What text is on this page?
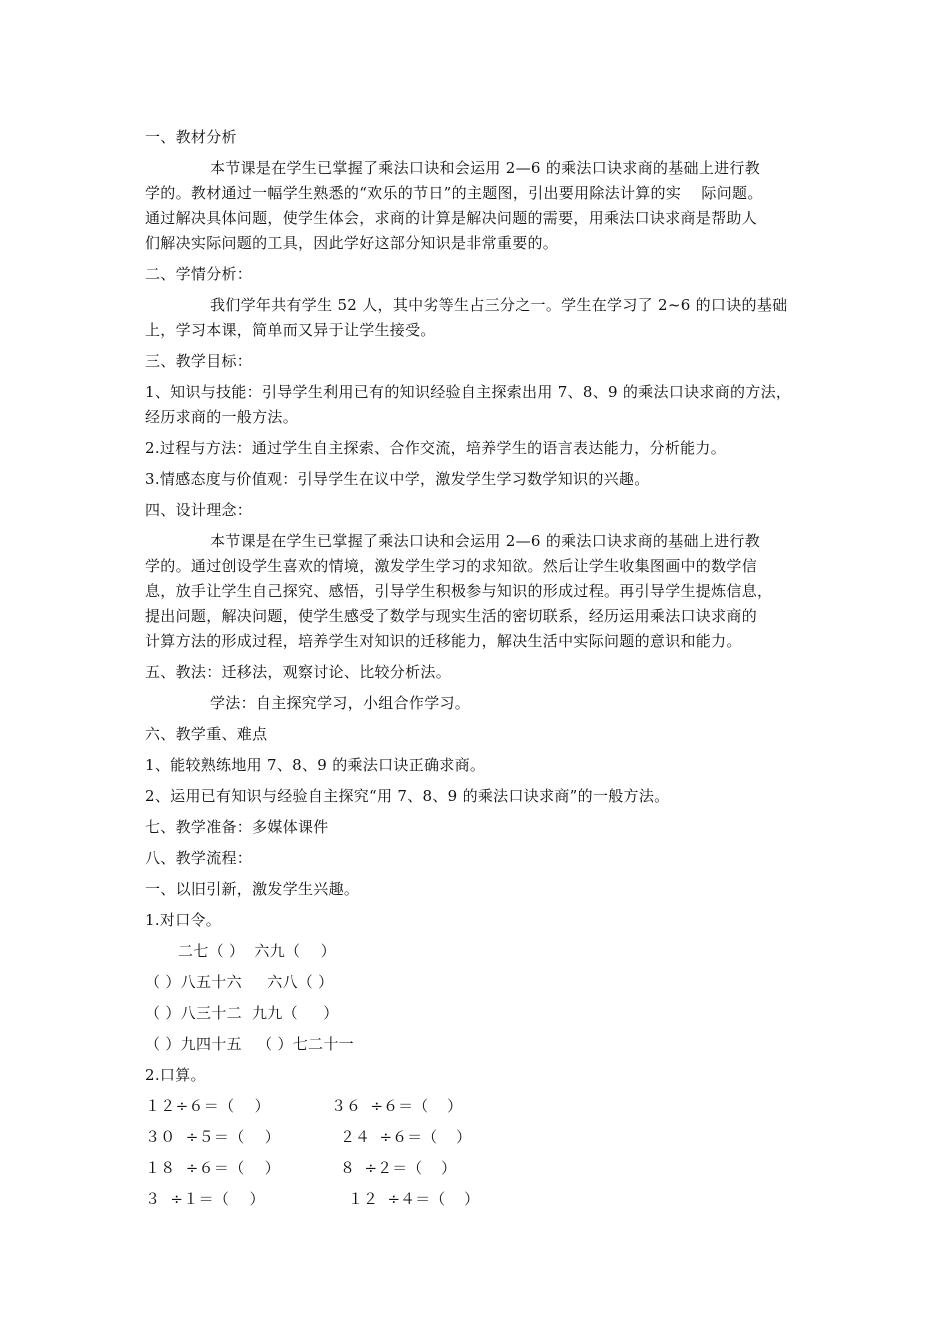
一、教材分析
本节课是在学生已掌握了乘法口诀和会运用 2—6 的乘法口诀求商的基础上进行教
学的。教材通过一幅学生熟悉的“欢乐的节日”的主题图，引出要用除法计算的实    际问题。
通过解决具体问题，使学生体会，求商的计算是解决问题的需要，用乘法口诀求商是帮助人
们解决实际问题的工具，因此学好这部分知识是非常重要的。
二、学情分析：
我们学年共有学生 52 人，其中劣等生占三分之一。学生在学习了 2~6 的口诀的基础
上，学习本课，简单而又异于让学生接受。
三、教学目标：
1、知识与技能：引导学生利用已有的知识经验自主探索出用 7、8、9 的乘法口诀求商的方法，
经历求商的一般方法。
2.过程与方法：通过学生自主探索、合作交流，培养学生的语言表达能力，分析能力。
3.情感态度与价值观：引导学生在议中学，激发学生学习数学知识的兴趣。
四、设计理念：
本节课是在学生已掌握了乘法口诀和会运用 2—6 的乘法口诀求商的基础上进行教
学的。通过创设学生喜欢的情境，激发学生学习的求知欲。然后让学生收集图画中的数学信
息，放手让学生自己探究、感悟，引导学生积极参与知识的形成过程。再引导学生提炼信息，
提出问题，解决问题，使学生感受了数学与现实生活的密切联系，经历运用乘法口诀求商的
计算方法的形成过程，培养学生对知识的迁移能力，解决生活中实际问题的意识和能力。
五、教法：迁移法，观察讨论、比较分析法。
学法：自主探究学习，小组合作学习。
六、教学重、难点
1、能较熟练地用 7、8、9 的乘法口诀正确求商。
2、运用已有知识与经验自主探究“用 7、8、9 的乘法口诀求商”的一般方法。
七、教学准备：多媒体课件
八、教学流程：
一、以旧引新，激发学生兴趣。
1.对口令。
二七（ ）  六九（    ）
（ ）八五十六     六八（ ）
（ ）八三十二  九九（     ）
（ ）九四十五   （ ）七二十一
2.口算。
１２÷６＝（    ）	３６  ÷６＝（    ）
３０  ÷５＝（    ）	２４  ÷６＝（    ）
１８  ÷６＝（    ）	８  ÷２＝（    ）
３  ÷１＝（    ）	１２  ÷４＝（    ）
